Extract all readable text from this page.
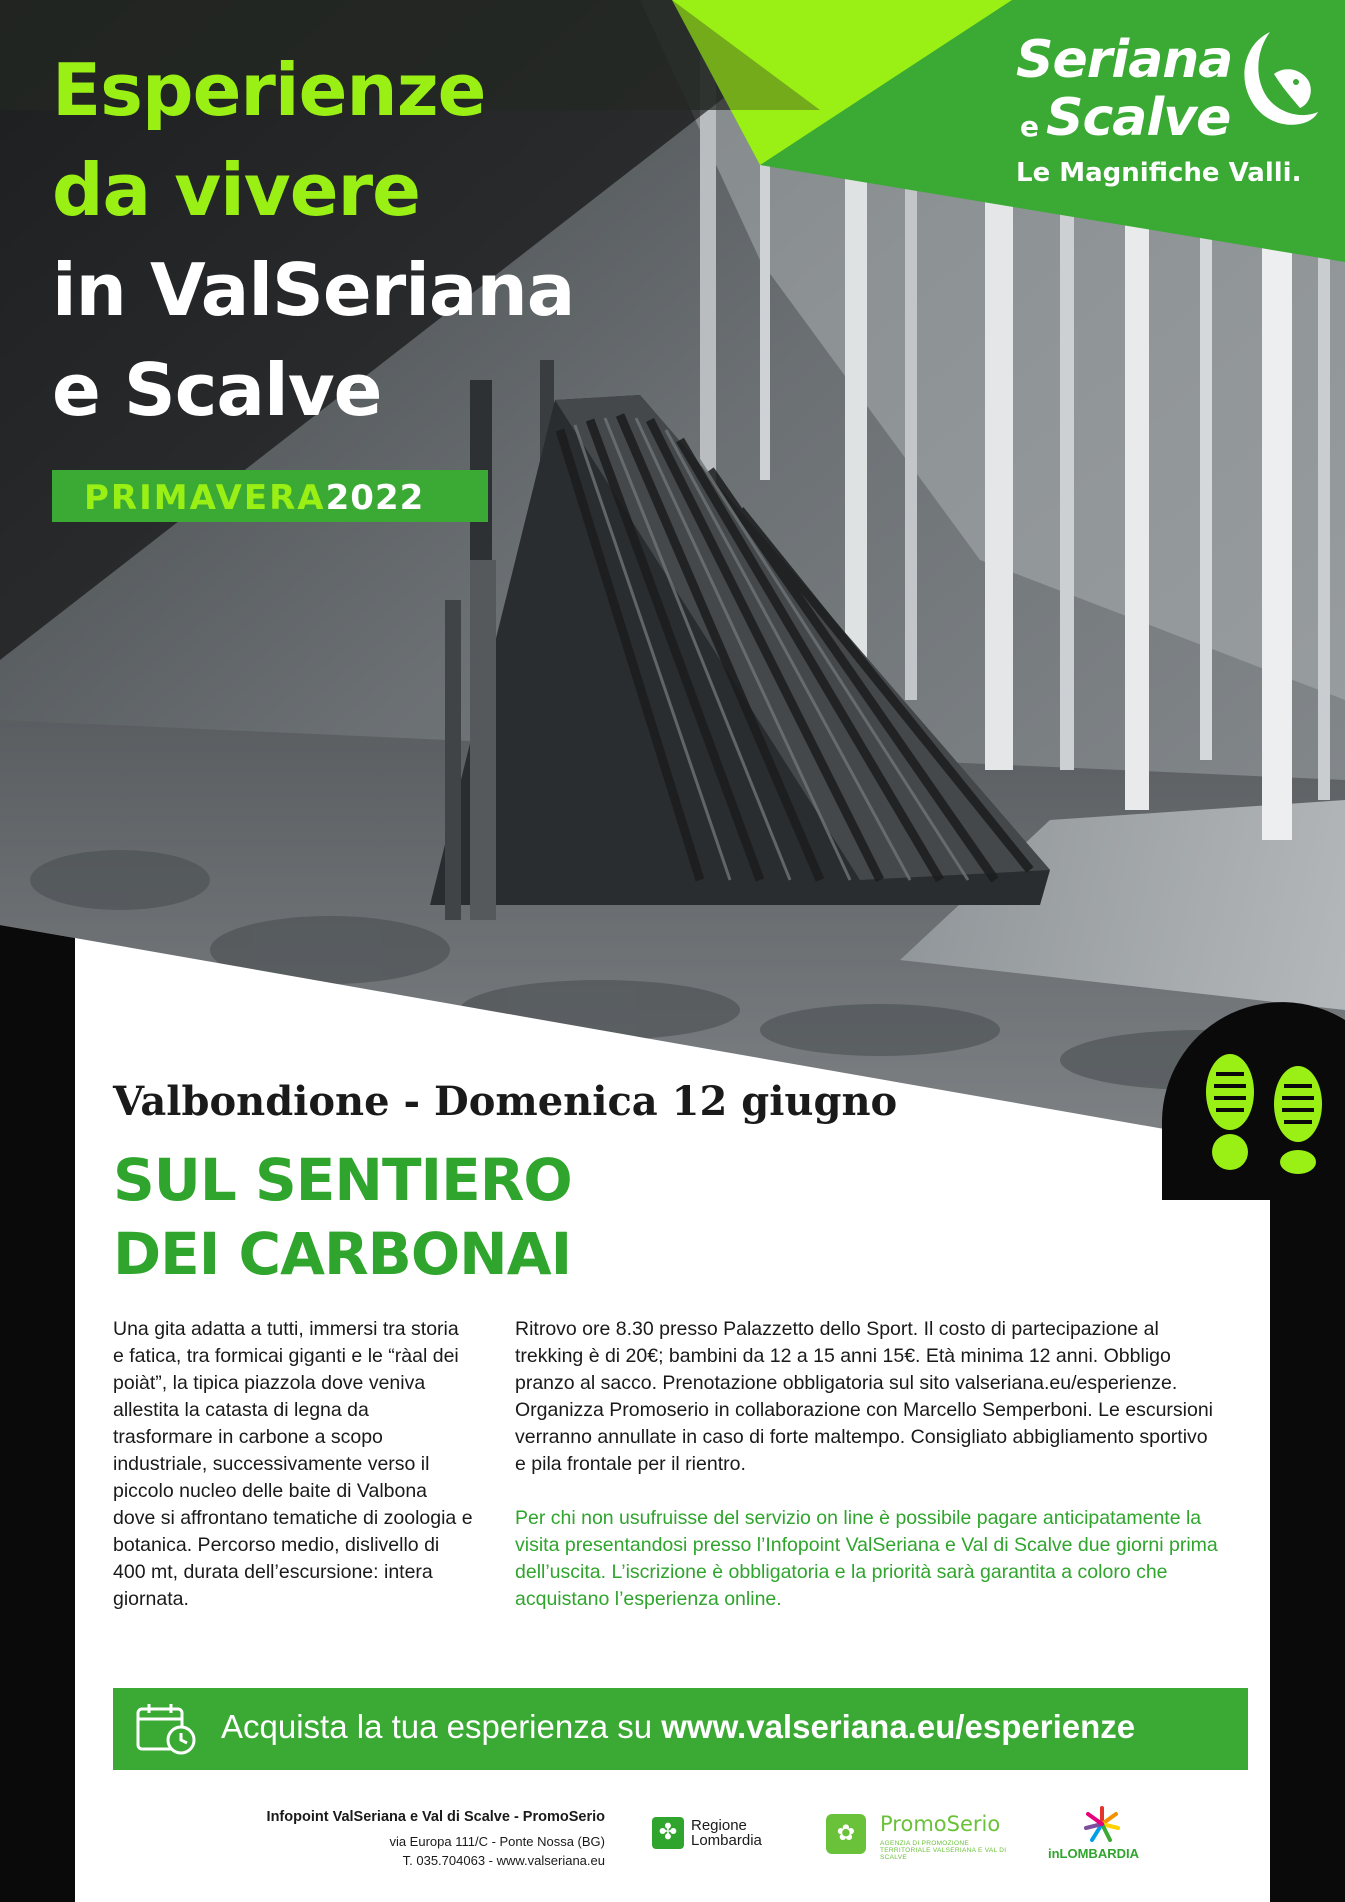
Esperienze
da vivere
in ValSeriana
e Scalve
PRIMAVERA2022
Seriana
e Scalve
Le Magnifiche Valli.
Valbondione - Domenica 12 giugno
SUL SENTIERO
DEI CARBONAI
Una gita adatta a tutti, immersi tra storia e fatica, tra formicai giganti e le “ràal dei poiàt”, la tipica piazzola dove veniva allestita la catasta di legna da trasformare in carbone a scopo industriale, successivamente verso il piccolo nucleo delle baite di Valbona dove si affrontano tematiche di zoologia e botanica. Percorso medio, dislivello di 400 mt, durata dell’escursione: intera giornata.
Ritrovo ore 8.30 presso Palazzetto dello Sport. Il costo di partecipazione al trekking è di 20€; bambini da 12 a 15 anni 15€. Età minima 12 anni. Obbligo pranzo al sacco. Prenotazione obbligatoria sul sito valseriana.eu/esperienze. Organizza Promoserio in collaborazione con Marcello Semperboni. Le escursioni verranno annullate in caso di forte maltempo. Consigliato abbigliamento sportivo e pila frontale per il rientro.
Per chi non usufruisse del servizio on line è possibile pagare anticipatamente la visita presentandosi presso l’Infopoint ValSeriana e Val di Scalve due giorni prima dell’uscita. L’iscrizione è obbligatoria e la priorità sarà garantita a coloro che acquistano l’esperienza online.
Acquista la tua esperienza su www.valseriana.eu/esperienze
Infopoint ValSeriana e Val di Scalve - PromoSerio
via Europa 111/C - Ponte Nossa (BG)
T. 035.704063 - www.valseriana.eu
✤ Regione Lombardia	✿	PromoSerio
AGENZIA DI PROMOZIONE TERRITORIALE VALSERIANA E VAL DI SCALVE	inLOMBARDIA
